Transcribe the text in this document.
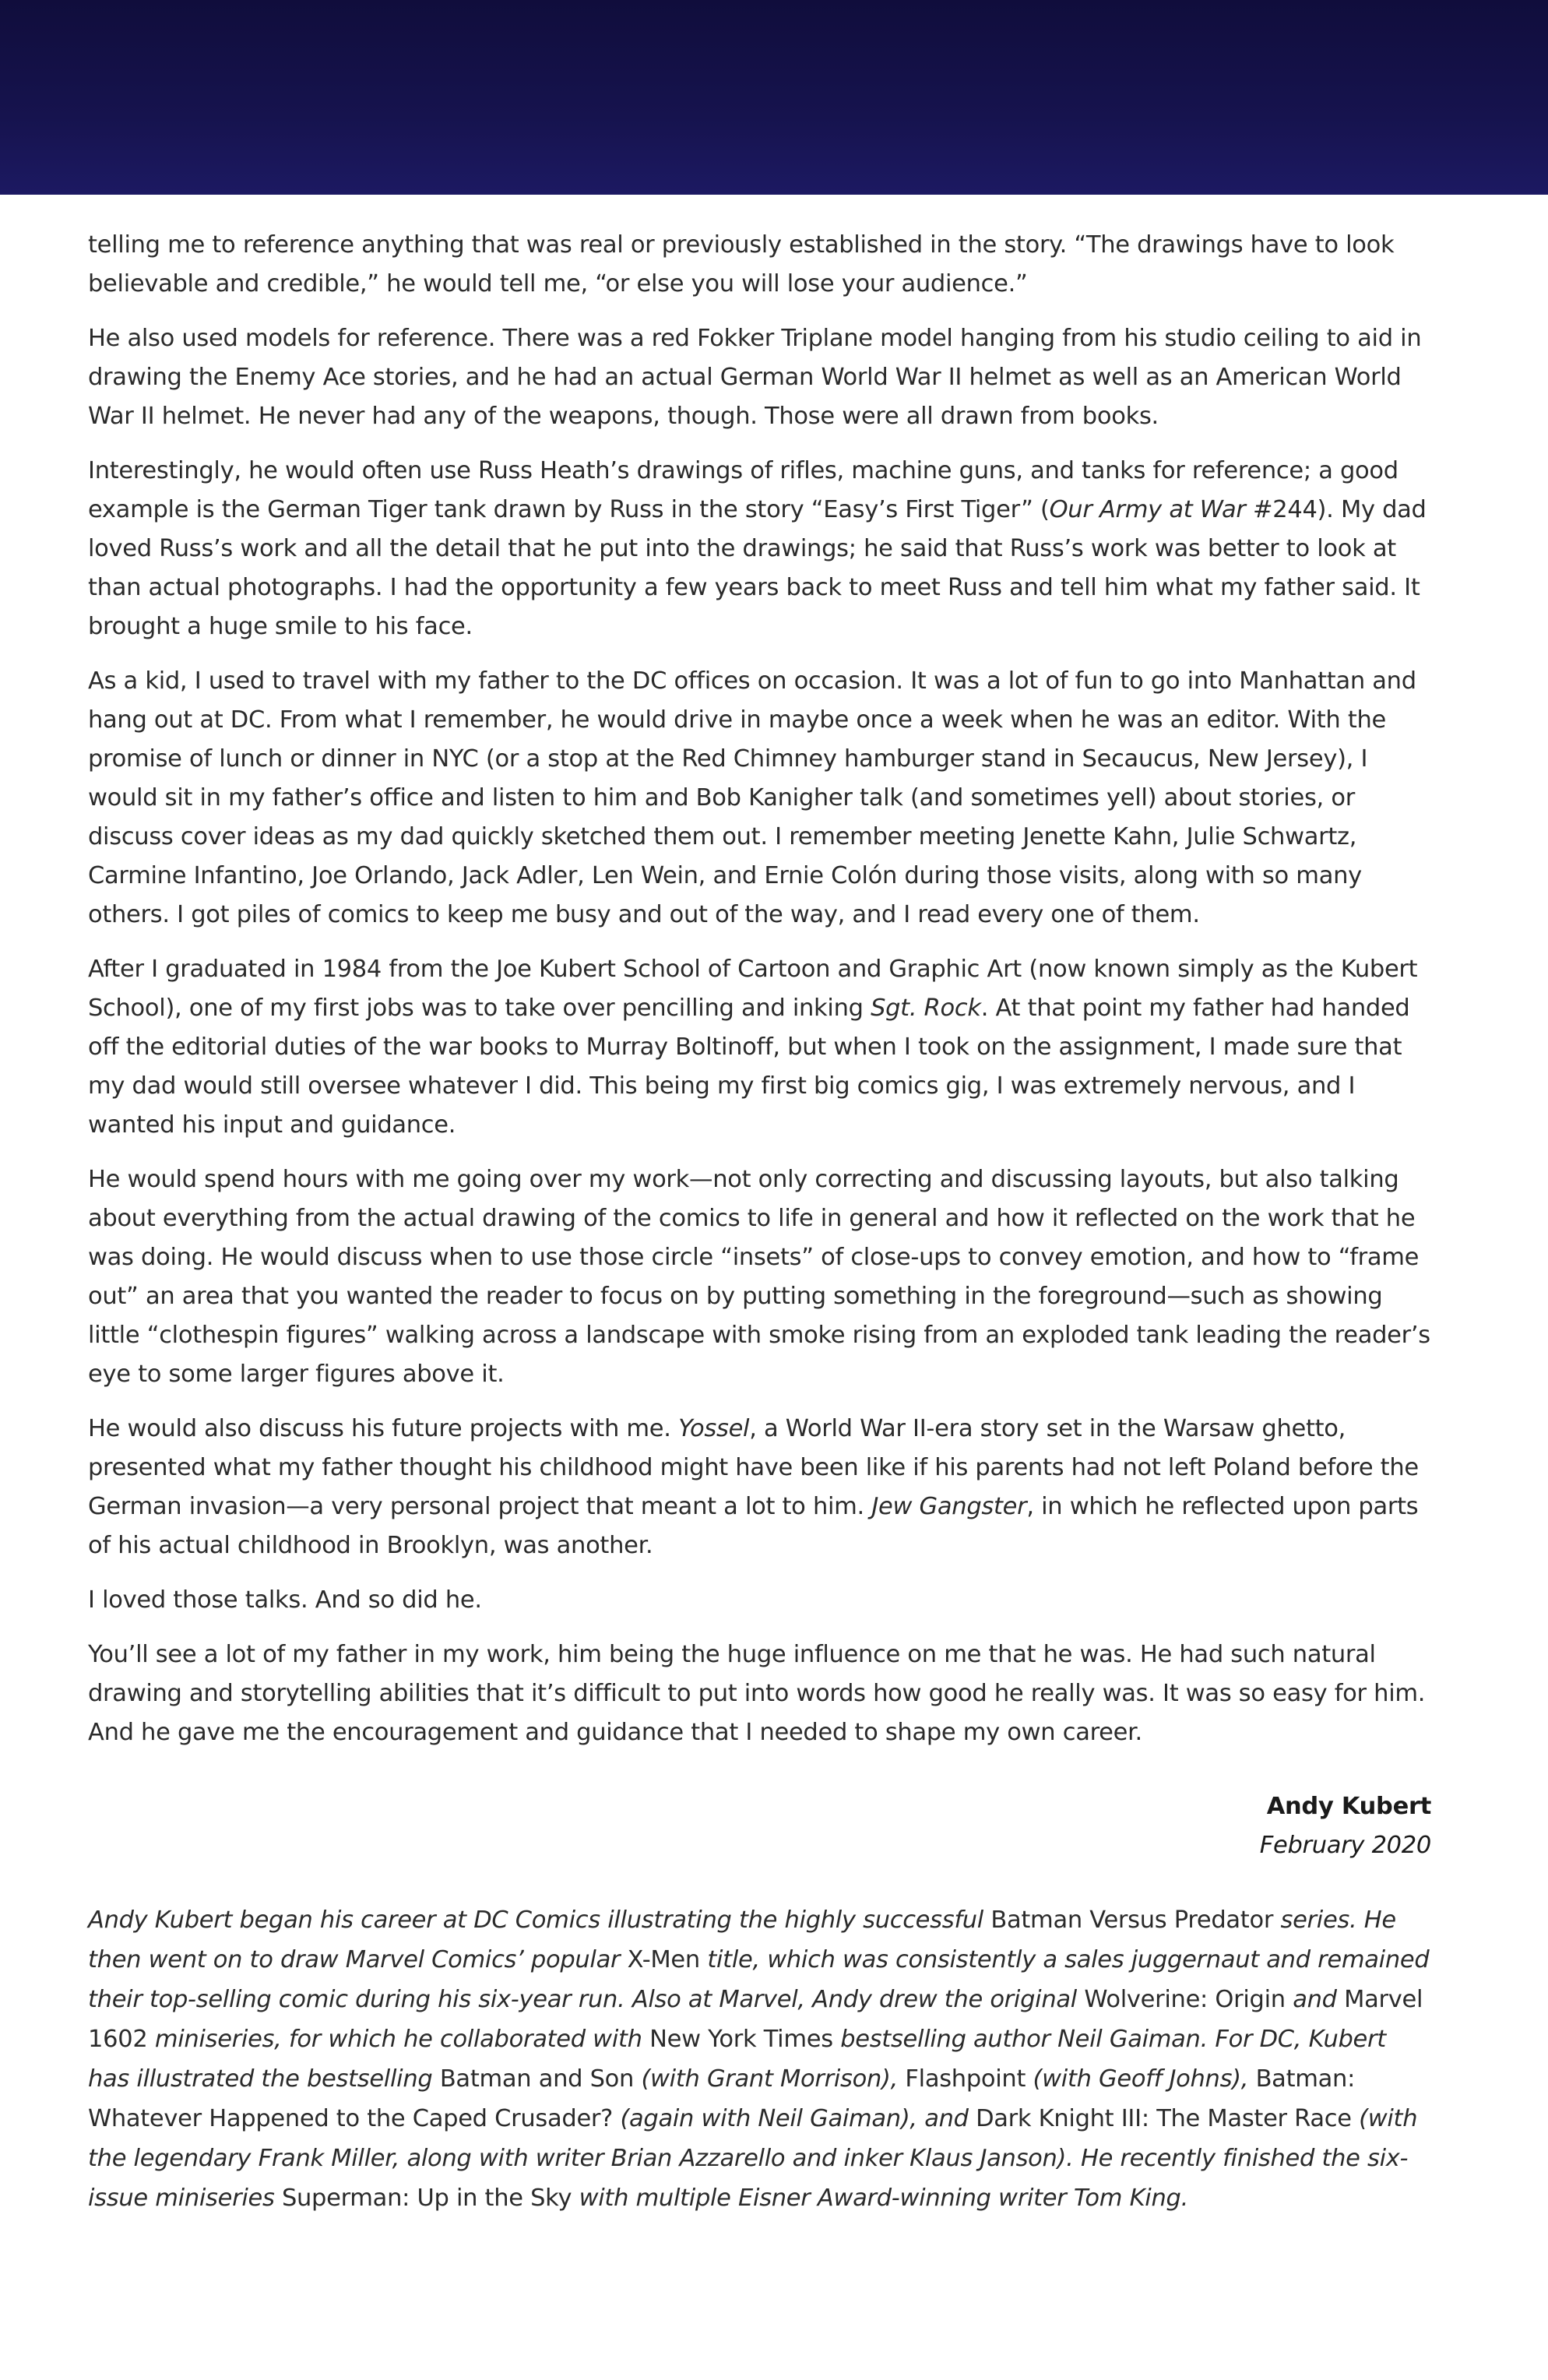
telling me to reference anything that was real or previously established in the story. “The drawings have to look believable and credible,” he would tell me, “or else you will lose your audience.”

He also used models for reference. There was a red Fokker Triplane model hanging from his studio ceiling to aid in drawing the Enemy Ace stories, and he had an actual German World War II helmet as well as an American World War II helmet. He never had any of the weapons, though. Those were all drawn from books.

Interestingly, he would often use Russ Heath’s drawings of rifles, machine guns, and tanks for reference; a good example is the German Tiger tank drawn by Russ in the story “Easy’s First Tiger” (Our Army at War #244). My dad loved Russ’s work and all the detail that he put into the drawings; he said that Russ’s work was better to look at than actual photographs. I had the opportunity a few years back to meet Russ and tell him what my father said. It brought a huge smile to his face.

As a kid, I used to travel with my father to the DC offices on occasion. It was a lot of fun to go into Manhattan and hang out at DC. From what I remember, he would drive in maybe once a week when he was an editor. With the promise of lunch or dinner in NYC (or a stop at the Red Chimney hamburger stand in Secaucus, New Jersey), I would sit in my father’s office and listen to him and Bob Kanigher talk (and sometimes yell) about stories, or discuss cover ideas as my dad quickly sketched them out. I remember meeting Jenette Kahn, Julie Schwartz, Carmine Infantino, Joe Orlando, Jack Adler, Len Wein, and Ernie Colón during those visits, along with so many others. I got piles of comics to keep me busy and out of the way, and I read every one of them.

After I graduated in 1984 from the Joe Kubert School of Cartoon and Graphic Art (now known simply as the Kubert School), one of my first jobs was to take over pencilling and inking Sgt. Rock. At that point my father had handed off the editorial duties of the war books to Murray Boltinoff, but when I took on the assignment, I made sure that my dad would still oversee whatever I did. This being my first big comics gig, I was extremely nervous, and I wanted his input and guidance.

He would spend hours with me going over my work—not only correcting and discussing layouts, but also talking about everything from the actual drawing of the comics to life in general and how it reflected on the work that he was doing. He would discuss when to use those circle “insets” of close-ups to convey emotion, and how to “frame out” an area that you wanted the reader to focus on by putting something in the foreground—such as showing little “clothespin figures” walking across a landscape with smoke rising from an exploded tank leading the reader’s eye to some larger figures above it.

He would also discuss his future projects with me. Yossel, a World War II-era story set in the Warsaw ghetto, presented what my father thought his childhood might have been like if his parents had not left Poland before the German invasion—a very personal project that meant a lot to him. Jew Gangster, in which he reflected upon parts of his actual childhood in Brooklyn, was another.

I loved those talks. And so did he.

You’ll see a lot of my father in my work, him being the huge influence on me that he was. He had such natural drawing and storytelling abilities that it’s difficult to put into words how good he really was. It was so easy for him. And he gave me the encouragement and guidance that I needed to shape my own career.

Andy Kubert
February 2020
Andy Kubert began his career at DC Comics illustrating the highly successful Batman Versus Predator series. He then went on to draw Marvel Comics’ popular X-Men title, which was consistently a sales juggernaut and remained their top-selling comic during his six-year run. Also at Marvel, Andy drew the original Wolverine: Origin and Marvel 1602 miniseries, for which he collaborated with New York Times bestselling author Neil Gaiman. For DC, Kubert has illustrated the bestselling Batman and Son (with Grant Morrison), Flashpoint (with Geoff Johns), Batman: Whatever Happened to the Caped Crusader? (again with Neil Gaiman), and Dark Knight III: The Master Race (with the legendary Frank Miller, along with writer Brian Azzarello and inker Klaus Janson). He recently finished the six-issue miniseries Superman: Up in the Sky with multiple Eisner Award-winning writer Tom King.
